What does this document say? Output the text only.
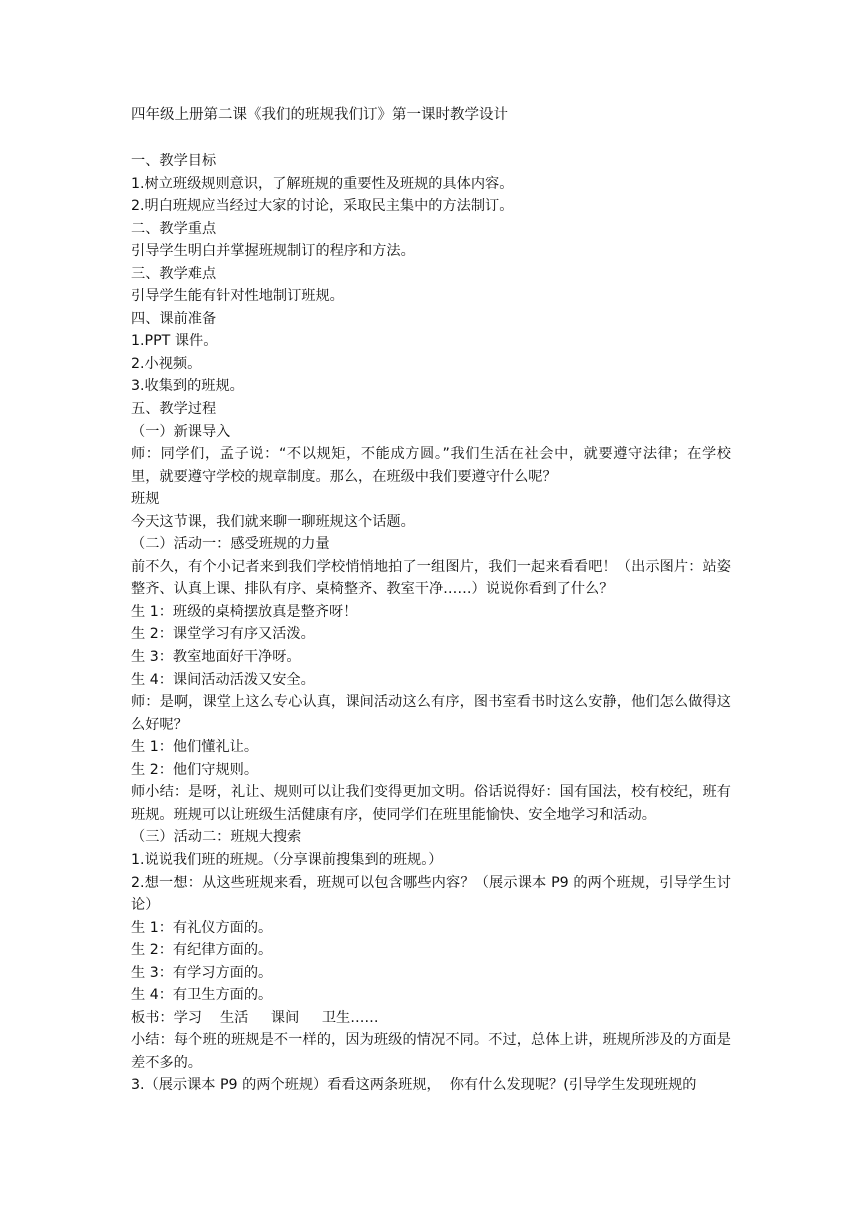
四年级上册第二课《我们的班规我们订》第一课时教学设计

一、教学目标

1.树立班级规则意识，了解班规的重要性及班规的具体内容。

2.明白班规应当经过大家的讨论，采取民主集中的方法制订。

二、教学重点

引导学生明白并掌握班规制订的程序和方法。

三、教学难点

引导学生能有针对性地制订班规。

四、课前准备

1.PPT 课件。

2.小视频。

3.收集到的班规。

五、教学过程

（一）新课导入

师：同学们，孟子说：“不以规矩，不能成方圆。”我们生活在社会中，就要遵守法律；在学校里，就要遵守学校的规章制度。那么，在班级中我们要遵守什么呢？

班规

今天这节课，我们就来聊一聊班规这个话题。

（二）活动一：感受班规的力量

前不久，有个小记者来到我们学校悄悄地拍了一组图片，我们一起来看看吧！（出示图片：站姿整齐、认真上课、排队有序、桌椅整齐、教室干净……）说说你看到了什么？

生 1：班级的桌椅摆放真是整齐呀！

生 2：课堂学习有序又活泼。

生 3：教室地面好干净呀。

生 4：课间活动活泼又安全。

师：是啊，课堂上这么专心认真，课间活动这么有序，图书室看书时这么安静，他们怎么做得这么好呢？

生 1：他们懂礼让。

生 2：他们守规则。

师小结：是呀，礼让、规则可以让我们变得更加文明。俗话说得好：国有国法，校有校纪，班有班规。班规可以让班级生活健康有序，使同学们在班里能愉快、安全地学习和活动。

（三）活动二：班规大搜索

1.说说我们班的班规。（分享课前搜集到的班规。）

2.想一想：从这些班规来看，班规可以包含哪些内容？（展示课本 P9 的两个班规，引导学生讨论）

生 1：有礼仪方面的。

生 2：有纪律方面的。

生 3：有学习方面的。

生 4：有卫生方面的。

板书：学习    生活     课间     卫生……

小结：每个班的班规是不一样的，因为班级的情况不同。不过，总体上讲，班规所涉及的方面是差不多的。

3.（展示课本 P9 的两个班规）看看这两条班规，  你有什么发现呢？(引导学生发现班规的
